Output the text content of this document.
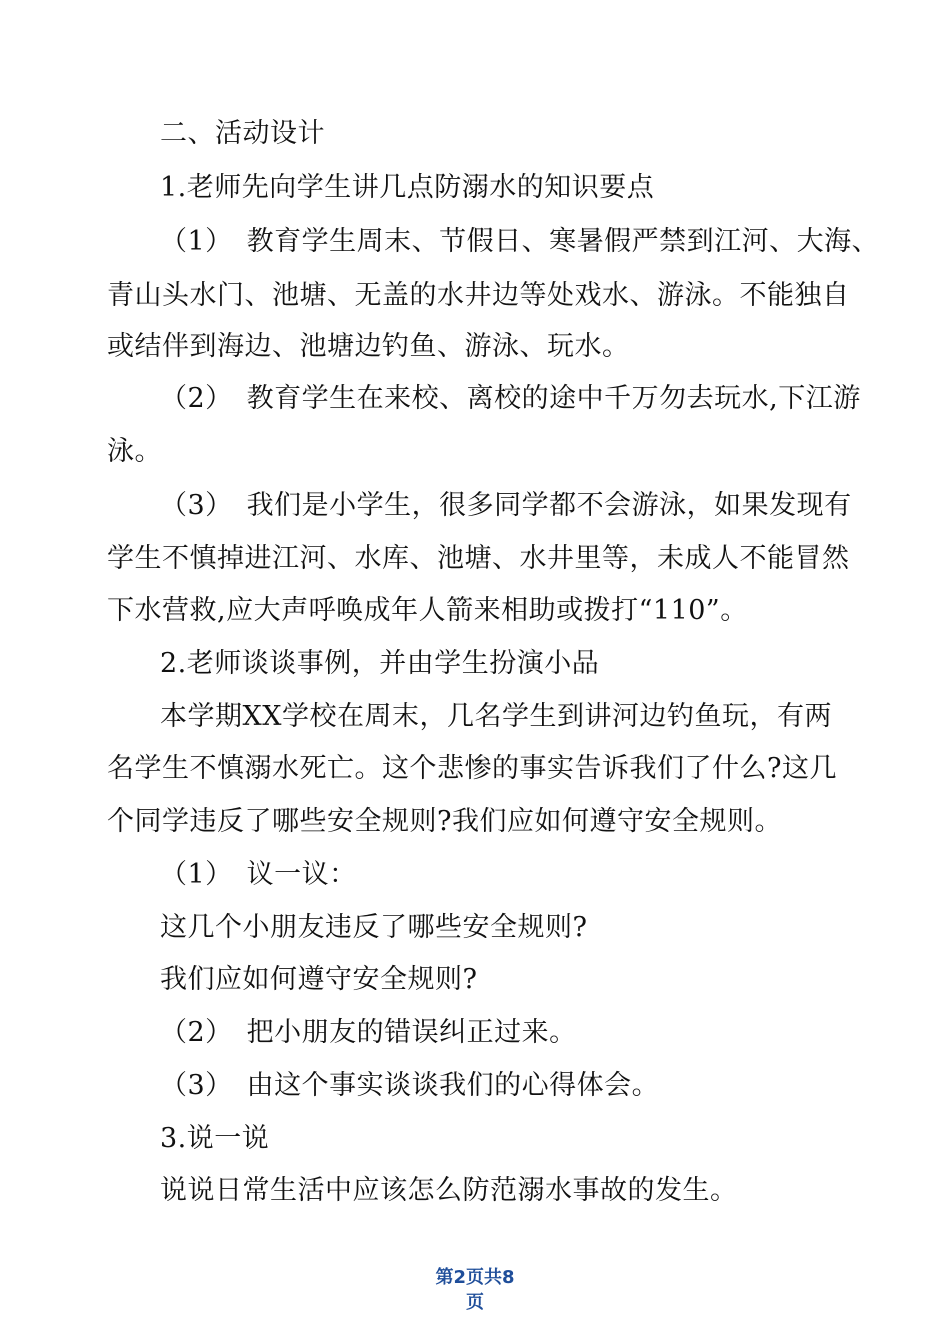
二、活动设计
1.老师先向学生讲几点防溺水的知识要点
（1）　教育学生周末、节假日、寒暑假严禁到江河、大海、
青山头水门、池塘、无盖的水井边等处戏水、游泳。不能独自
或结伴到海边、池塘边钓鱼、游泳、玩水。
（2）　教育学生在来校、离校的途中千万勿去玩水,下江游
泳。
（3）　我们是小学生，很多同学都不会游泳，如果发现有
学生不慎掉进江河、水库、池塘、水井里等，未成人不能冒然
下水营救,应大声呼唤成年人箭来相助或拨打“110”。
2.老师谈谈事例，并由学生扮演小品
本学期XX学校在周末，几名学生到讲河边钓鱼玩，有两
名学生不慎溺水死亡。这个悲惨的事实告诉我们了什么?这几
个同学违反了哪些安全规则?我们应如何遵守安全规则。
（1）　议一议：
这几个小朋友违反了哪些安全规则?
我们应如何遵守安全规则?
（2）　把小朋友的错误纠正过来。
（3）　由这个事实谈谈我们的心得体会。
3.说一说
说说日常生活中应该怎么防范溺水事故的发生。
第2页共8
页
